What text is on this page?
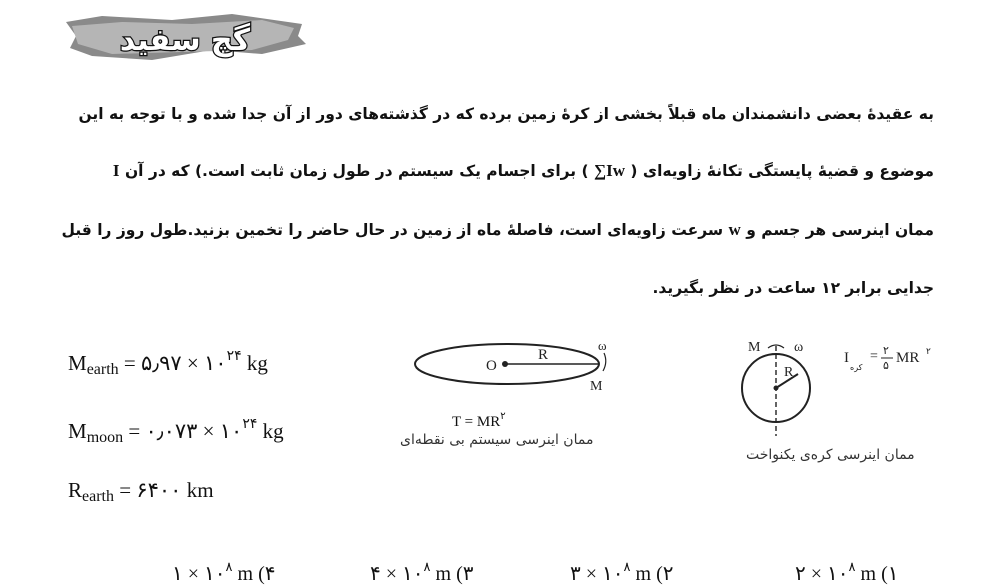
گچ سفید
به عقیدهٔ بعضی دانشمندان ماه قبلاً بخشی از کرهٔ زمین برده که در گذشته‌های دور از آن جدا شده و با توجه به این
موضوع و قضیهٔ پایستگی تکانهٔ زاویه‌ای ( ∑Iw ) برای اجسام یک سیستم در طول زمان ثابت است.) که در آن I
ممان اینرسی هر جسم و w سرعت زاویه‌ای است، فاصلهٔ ماه از زمین در حال حاضر را تخمین بزنید.طول روز را قبل
جدایی برابر ۱۲ ساعت در نظر بگیرید.
$M_{earth}$ = ۵٫۹۷ × $۱۰^{۲۴}$ kg
$M_{moon}$ = ۰٫۰۷۳ × $۱۰^{۲۴}$ kg
$R_{earth}$ = ۶۴۰۰ km
O
R
ω
M
$T = MR^۲$
ممان اینرسی سیستم بی نقطه‌ای
R
M ω
I
کره
= ۲
۵ MR ۲
ممان اینرسی کره‌ی یکنواخت
۲ × $۱۰^۸$ m ۱)
۳ × $۱۰^۸$ m ۲)
۴ × $۱۰^۸$ m ۳)
۱ × $۱۰^۸$ m ۴)
